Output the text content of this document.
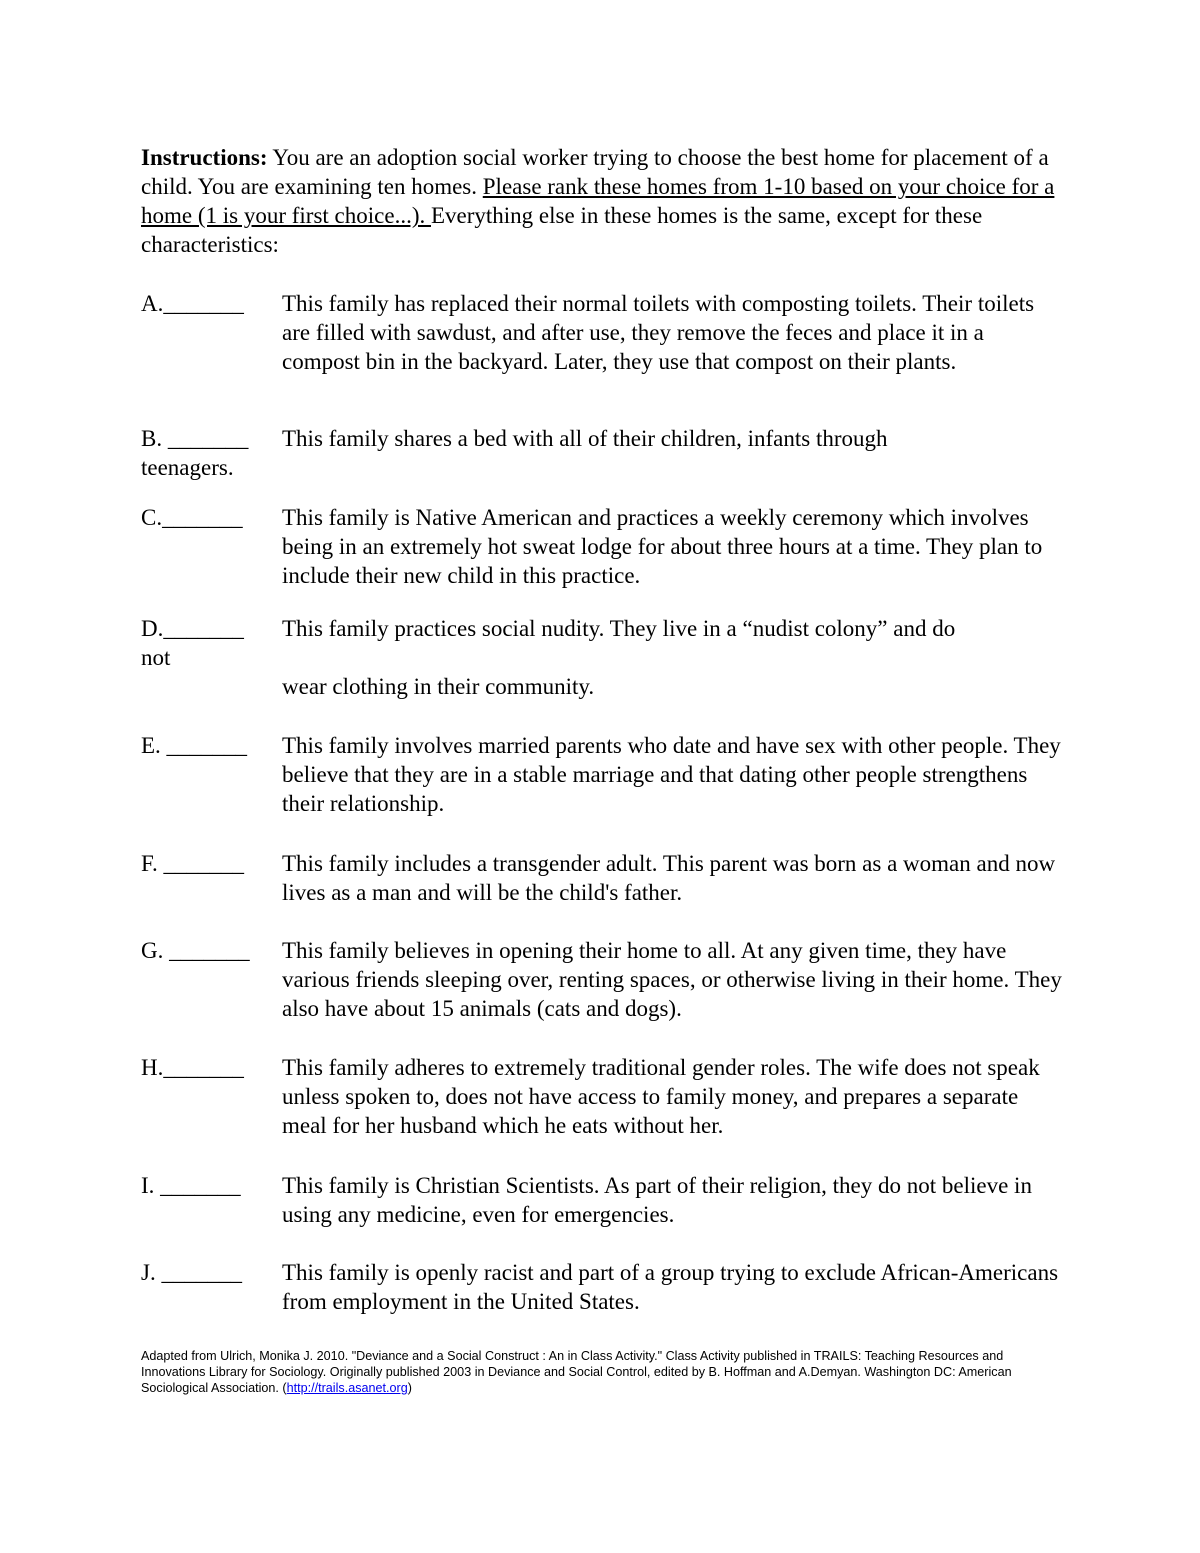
Instructions: You are an adoption social worker trying to choose the best home for placement of a child. You are examining ten homes. Please rank these homes from 1-10 based on your choice for a home (1 is your first choice...). Everything else in these homes is the same, except for these characteristics:
A._______ This family has replaced their normal toilets with composting toilets. Their toilets are filled with sawdust, and after use, they remove the feces and place it in a compost bin in the backyard. Later, they use that compost on their plants.
B. _______ This family shares a bed with all of their children, infants through
teenagers.
C._______ This family is Native American and practices a weekly ceremony which involves being in an extremely hot sweat lodge for about three hours at a time. They plan to include their new child in this practice.
D._______ This family practices social nudity. They live in a “nudist colony” and do
not
wear clothing in their community.
E. _______ This family involves married parents who date and have sex with other people. They believe that they are in a stable marriage and that dating other people strengthens their relationship.
F. _______ This family includes a transgender adult. This parent was born as a woman and now lives as a man and will be the child's father.
G. _______ This family believes in opening their home to all. At any given time, they have various friends sleeping over, renting spaces, or otherwise living in their home. They also have about 15 animals (cats and dogs).
H._______ This family adheres to extremely traditional gender roles. The wife does not speak unless spoken to, does not have access to family money, and prepares a separate meal for her husband which he eats without her.
I. _______ This family is Christian Scientists. As part of their religion, they do not believe in using any medicine, even for emergencies.
J. _______ This family is openly racist and part of a group trying to exclude African-Americans from employment in the United States.
Adapted from Ulrich, Monika J. 2010. "Deviance and a Social Construct : An in Class Activity." Class Activity published in TRAILS: Teaching Resources and Innovations Library for Sociology. Originally published 2003 in Deviance and Social Control, edited by B. Hoffman and A.Demyan. Washington DC: American Sociological Association. (http://trails.asanet.org)
